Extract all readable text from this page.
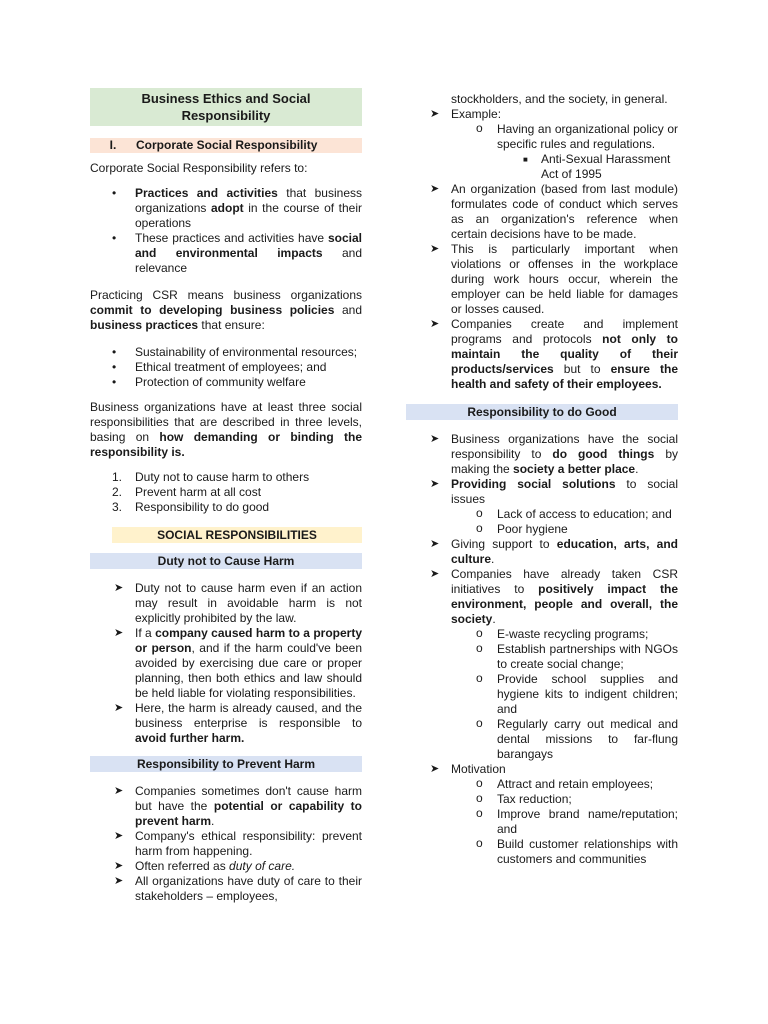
Business Ethics and Social Responsibility
I.	Corporate Social Responsibility

Corporate Social Responsibility refers to:

• Practices and activities that business organizations adopt in the course of their operations
• These practices and activities have social and environmental impacts and relevance

Practicing CSR means business organizations commit to developing business policies and business practices that ensure:

• Sustainability of environmental resources;
• Ethical treatment of employees; and
• Protection of community welfare

Business organizations have at least three social responsibilities that are described in three levels, basing on how demanding or binding the responsibility is.

1. Duty not to cause harm to others
2. Prevent harm at all cost
3. Responsibility to do good
SOCIAL RESPONSIBILITIES
Duty not to Cause Harm
➤ Duty not to cause harm even if an action may result in avoidable harm is not explicitly prohibited by the law.
➤ If a company caused harm to a property or person, and if the harm could've been avoided by exercising due care or proper planning, then both ethics and law should be held liable for violating responsibilities.
➤ Here, the harm is already caused, and the business enterprise is responsible to avoid further harm.
Responsibility to Prevent Harm
➤ Companies sometimes don't cause harm but have the potential or capability to prevent harm.
➤ Company's ethical responsibility: prevent harm from happening.
➤ Often referred as duty of care.
➤ All organizations have duty of care to their stakeholders – employees,

stockholders, and the society, in general.

➤ Example:
o Having an organizational policy or specific rules and regulations.
■ Anti-Sexual Harassment Act of 1995
➤ An organization (based from last module) formulates code of conduct which serves as an organization's reference when certain decisions have to be made.
➤ This is particularly important when violations or offenses in the workplace during work hours occur, wherein the employer can be held liable for damages or losses caused.
➤ Companies create and implement programs and protocols not only to maintain the quality of their products/services but to ensure the health and safety of their employees.
Responsibility to do Good
➤ Business organizations have the social responsibility to do good things by making the society a better place.
➤ Providing social solutions to social issues
o Lack of access to education; and
o Poor hygiene
➤ Giving support to education, arts, and culture.
➤ Companies have already taken CSR initiatives to positively impact the environment, people and overall, the society.
o E-waste recycling programs;
o Establish partnerships with NGOs to create social change;
o Provide school supplies and hygiene kits to indigent children; and
o Regularly carry out medical and dental missions to far-flung barangays
➤ Motivation
o Attract and retain employees;
o Tax reduction;
o Improve brand name/reputation; and
o Build customer relationships with customers and communities
